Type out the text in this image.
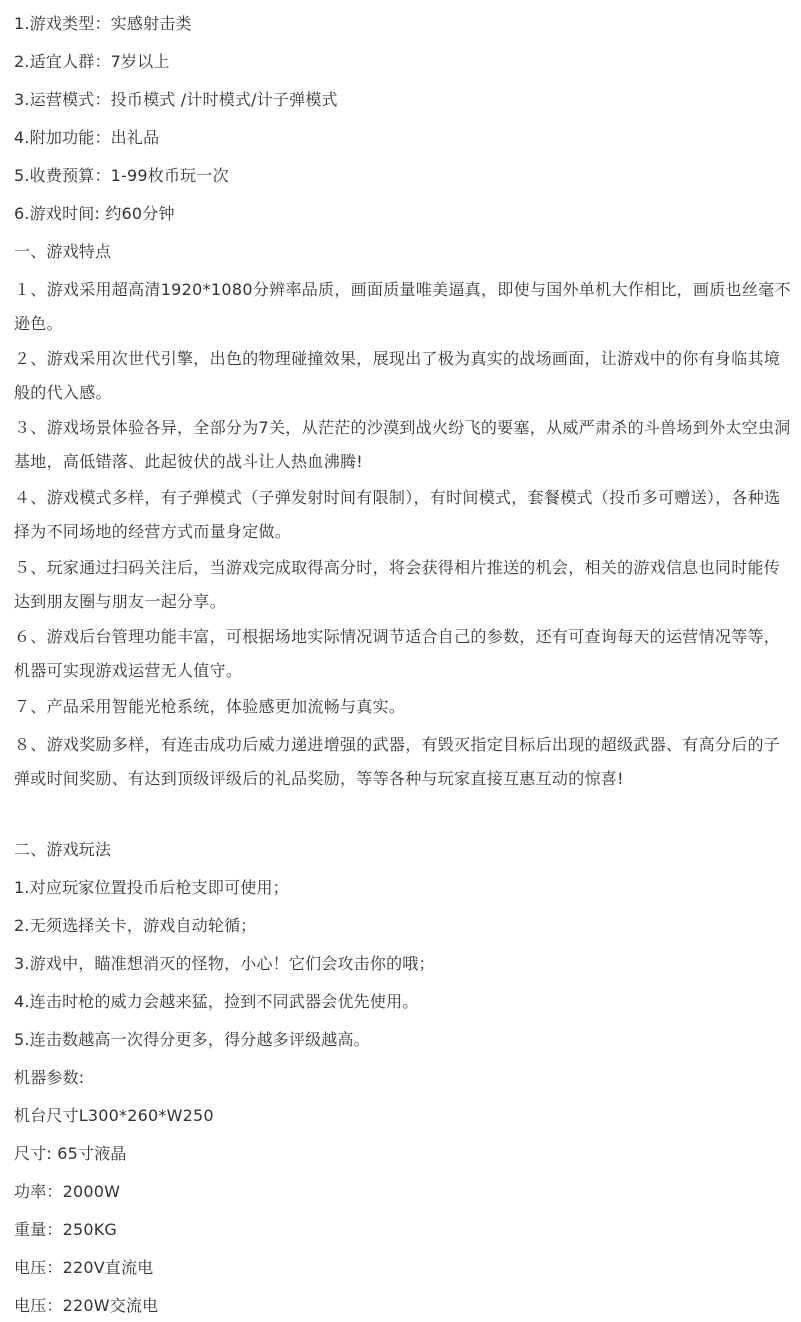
1.游戏类型：实感射击类

2.适宜人群：7岁以上

3.运营模式：投币模式 /计时模式/计子弹模式

4.附加功能：出礼品

5.收费预算：1-99枚币玩一次

6.游戏时间: 约60分钟

一、游戏特点

１、游戏采用超高清1920*1080分辨率品质，画面质量唯美逼真，即使与国外单机大作相比，画质也丝毫不逊色。

２、游戏采用次世代引擎，出色的物理碰撞效果，展现出了极为真实的战场画面，让游戏中的你有身临其境般的代入感。

３、游戏场景体验各异，全部分为7关，从茫茫的沙漠到战火纷飞的要塞，从威严肃杀的斗兽场到外太空虫洞基地，高低错落、此起彼伏的战斗让人热血沸腾!

４、游戏模式多样，有子弹模式（子弹发射时间有限制），有时间模式，套餐模式（投币多可赠送），各种选择为不同场地的经营方式而量身定做。

５、玩家通过扫码关注后，当游戏完成取得高分时，将会获得相片推送的机会，相关的游戏信息也同时能传达到朋友圈与朋友一起分享。

６、游戏后台管理功能丰富，可根据场地实际情况调节适合自己的参数，还有可查询每天的运营情况等等，机器可实现游戏运营无人值守。

７、产品采用智能光枪系统，体验感更加流畅与真实。

８、游戏奖励多样，有连击成功后威力递进增强的武器，有毁灭指定目标后出现的超级武器、有高分后的子弹或时间奖励、有达到顶级评级后的礼品奖励，等等各种与玩家直接互惠互动的惊喜!

二、游戏玩法

1.对应玩家位置投币后枪支即可使用；

2.无须选择关卡，游戏自动轮循；

3.游戏中，瞄准想消灭的怪物，小心！它们会攻击你的哦；

4.连击时枪的威力会越来猛，捡到不同武器会优先使用。

5.连击数越高一次得分更多，得分越多评级越高。

机器参数:

机台尺寸L300*260*W250

尺寸: 65寸液晶

功率：2000W

重量：250KG

电压：220V直流电

电压：220W交流电
